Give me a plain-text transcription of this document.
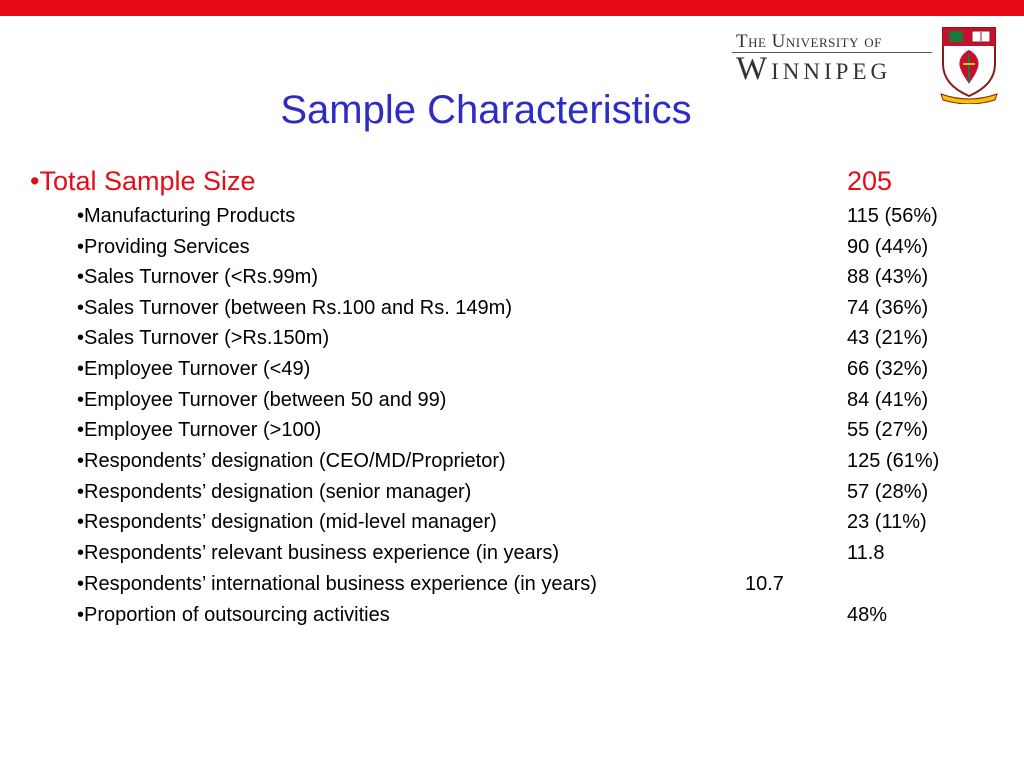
The University of
Winnipeg
Sample Characteristics
•Total Sample Size	205
•Manufacturing Products	115 (56%)
•Providing Services	90 (44%)
•Sales Turnover (<Rs.99m)	88 (43%)
•Sales Turnover (between Rs.100 and Rs. 149m)	74 (36%)
•Sales Turnover (>Rs.150m)	43 (21%)
•Employee Turnover (<49)	66 (32%)
•Employee Turnover (between 50 and 99)	84 (41%)
•Employee Turnover (>100)	55 (27%)
•Respondents’ designation (CEO/MD/Proprietor)	125 (61%)
•Respondents’ designation (senior manager)	57 (28%)
•Respondents’ designation (mid-level manager)	23 (11%)
•Respondents’ relevant business experience (in years)	11.8
•Respondents’ international business experience (in years)	10.7
•Proportion of outsourcing activities	48%
